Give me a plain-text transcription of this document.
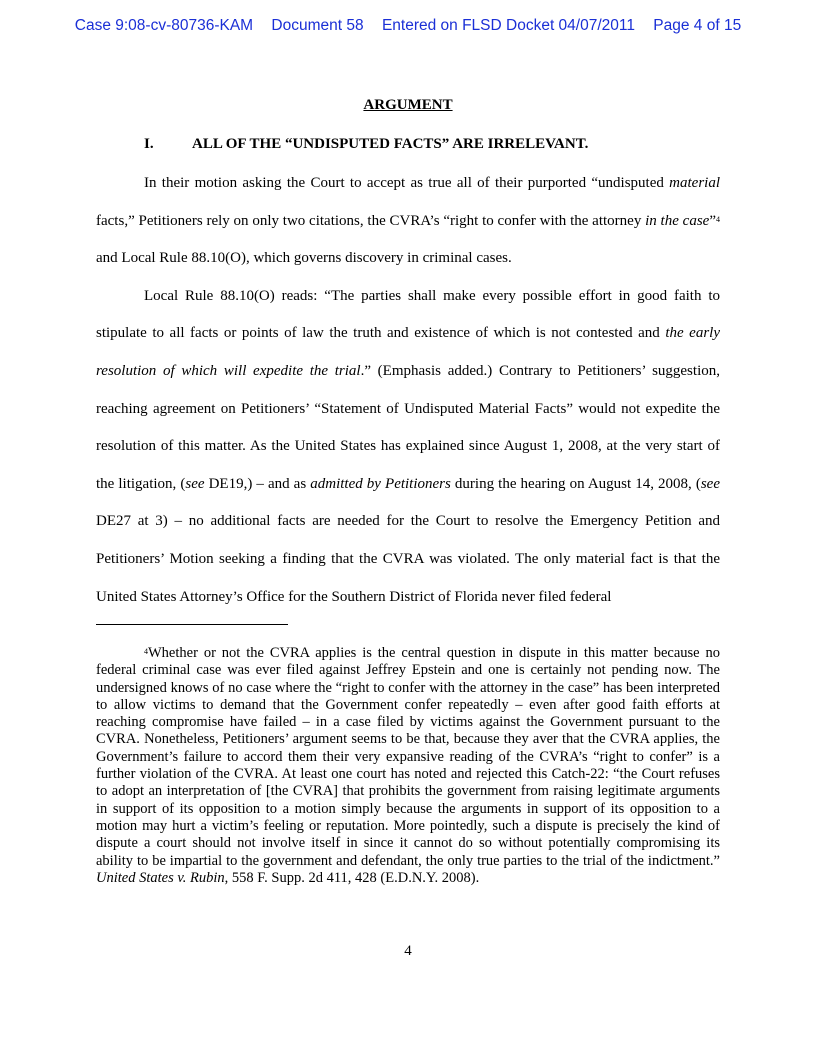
Case 9:08-cv-80736-KAM Document 58 Entered on FLSD Docket 04/07/2011 Page 4 of 15
ARGUMENT
I.	ALL OF THE “UNDISPUTED FACTS” ARE IRRELEVANT.

In their motion asking the Court to accept as true all of their purported “undisputed material facts,” Petitioners rely on only two citations, the CVRA’s “right to confer with the attorney in the case”$^4$ and Local Rule 88.10(O), which governs discovery in criminal cases.

Local Rule 88.10(O) reads: “The parties shall make every possible effort in good faith to stipulate to all facts or points of law the truth and existence of which is not contested and the early resolution of which will expedite the trial.” (Emphasis added.) Contrary to Petitioners’ suggestion, reaching agreement on Petitioners’ “Statement of Undisputed Material Facts” would not expedite the resolution of this matter. As the United States has explained since August 1, 2008, at the very start of the litigation, (see DE19,) – and as admitted by Petitioners during the hearing on August 14, 2008, (see DE27 at 3) – no additional facts are needed for the Court to resolve the Emergency Petition and Petitioners’ Motion seeking a finding that the CVRA was violated. The only material fact is that the United States Attorney’s Office for the Southern District of Florida never filed federal

$^4$Whether or not the CVRA applies is the central question in dispute in this matter because no federal criminal case was ever filed against Jeffrey Epstein and one is certainly not pending now. The undersigned knows of no case where the “right to confer with the attorney in the case” has been interpreted to allow victims to demand that the Government confer repeatedly – even after good faith efforts at reaching compromise have failed – in a case filed by victims against the Government pursuant to the CVRA. Nonetheless, Petitioners’ argument seems to be that, because they aver that the CVRA applies, the Government’s failure to accord them their very expansive reading of the CVRA’s “right to confer” is a further violation of the CVRA. At least one court has noted and rejected this Catch-22: “the Court refuses to adopt an interpretation of [the CVRA] that prohibits the government from raising legitimate arguments in support of its opposition to a motion simply because the arguments in support of its opposition to a motion may hurt a victim’s feeling or reputation. More pointedly, such a dispute is precisely the kind of dispute a court should not involve itself in since it cannot do so without potentially compromising its ability to be impartial to the government and defendant, the only true parties to the trial of the indictment.” United States v. Rubin, 558 F. Supp. 2d 411, 428 (E.D.N.Y. 2008).
4
